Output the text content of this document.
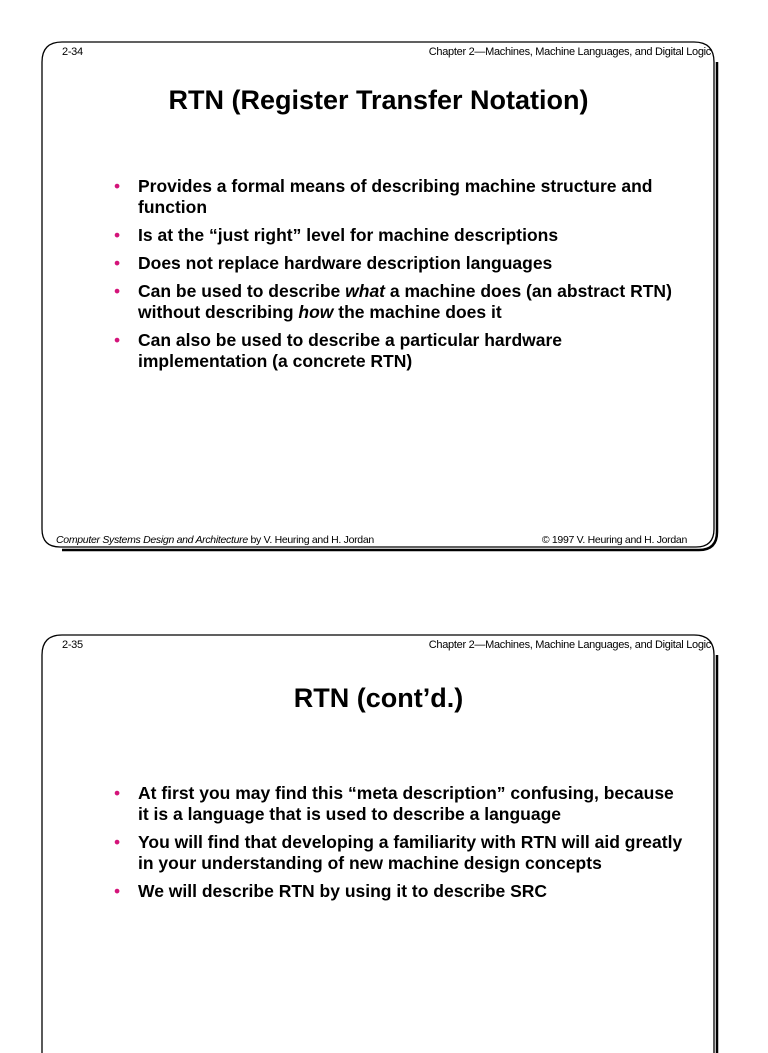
2-34	Chapter 2—Machines, Machine Languages, and Digital Logic
RTN (Register Transfer Notation)
• Provides a formal means of describing machine structure and function
• Is at the “just right” level for machine descriptions
• Does not replace hardware description languages
• Can be used to describe what a machine does (an abstract RTN) without describing how the machine does it
• Can also be used to describe a particular hardware implementation (a concrete RTN)
Computer Systems Design and Architecture by V. Heuring and H. Jordan	© 1997 V. Heuring and H. Jordan
2-35	Chapter 2—Machines, Machine Languages, and Digital Logic
RTN (cont’d.)
• At first you may find this “meta description” confusing, because it is a language that is used to describe a language
• You will find that developing a familiarity with RTN will aid greatly in your understanding of new machine design concepts
• We will describe RTN by using it to describe SRC
